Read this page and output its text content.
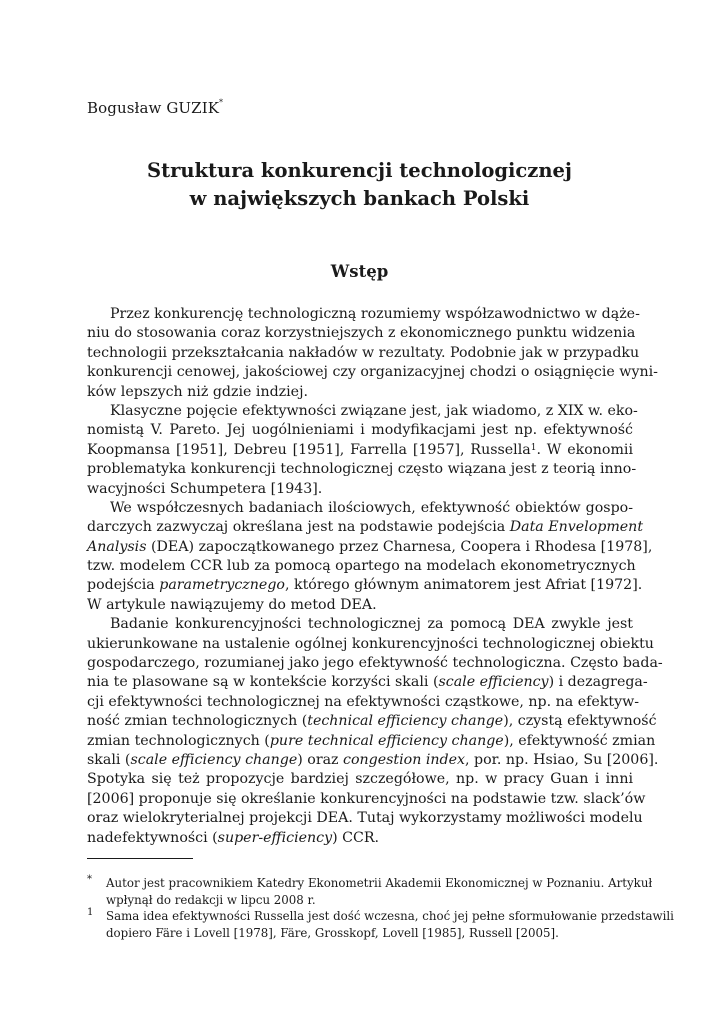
Bogusław GUZIK*
Struktura konkurencji technologicznej
w największych bankach Polski
Wstęp
Przez konkurencję technologiczną rozumiemy współzawodnictwo w dąże-
niu do stosowania coraz korzystniejszych z ekonomicznego punktu widzenia
technologii przekształcania nakładów w rezultaty. Podobnie jak w przypadku
konkurencji cenowej, jakościowej czy organizacyjnej chodzi o osiągnięcie wyni-
ków lepszych niż gdzie indziej.
Klasyczne pojęcie efektywności związane jest, jak wiadomo, z XIX w. eko-
nomistą V. Pareto. Jej uogólnieniami i modyfikacjami jest np. efektywność
Koopmansa [1951], Debreu [1951], Farrella [1957], Russella$^1$. W ekonomii
problematyka konkurencji technologicznej często wiązana jest z teorią inno-
wacyjności Schumpetera [1943].
We współczesnych badaniach ilościowych, efektywność obiektów gospo-
darczych zazwyczaj określana jest na podstawie podejścia Data Envelopment
Analysis (DEA) zapoczątkowanego przez Charnesa, Coopera i Rhodesa [1978],
tzw. modelem CCR lub za pomocą opartego na modelach ekonometrycznych
podejścia parametrycznego, którego głównym animatorem jest Afriat [1972].
W artykule nawiązujemy do metod DEA.
Badanie konkurencyjności technologicznej za pomocą DEA zwykle jest
ukierunkowane na ustalenie ogólnej konkurencyjności technologicznej obiektu
gospodarczego, rozumianej jako jego efektywność technologiczna. Często bada-
nia te plasowane są w kontekście korzyści skali (scale efficiency) i dezagrega-
cji efektywności technologicznej na efektywności cząstkowe, np. na efektyw-
ność zmian technologicznych (technical efficiency change), czystą efektywność
zmian technologicznych (pure technical efficiency change), efektywność zmian
skali (scale efficiency change) oraz congestion index, por. np. Hsiao, Su [2006].
Spotyka się też propozycje bardziej szczegółowe, np. w pracy Guan i inni
[2006] proponuje się określanie konkurencyjności na podstawie tzw. slack’ów
oraz wielokryterialnej projekcji DEA. Tutaj wykorzystamy możliwości modelu
nadefektywności (super-efficiency) CCR.
* Autor jest pracownikiem Katedry Ekonometrii Akademii Ekonomicznej w Poznaniu. Artykuł
wpłynął do redakcji w lipcu 2008 r.
1 Sama idea efektywności Russella jest dość wczesna, choć jej pełne sformułowanie przedstawili
dopiero Färe i Lovell [1978], Färe, Grosskopf, Lovell [1985], Russell [2005].
